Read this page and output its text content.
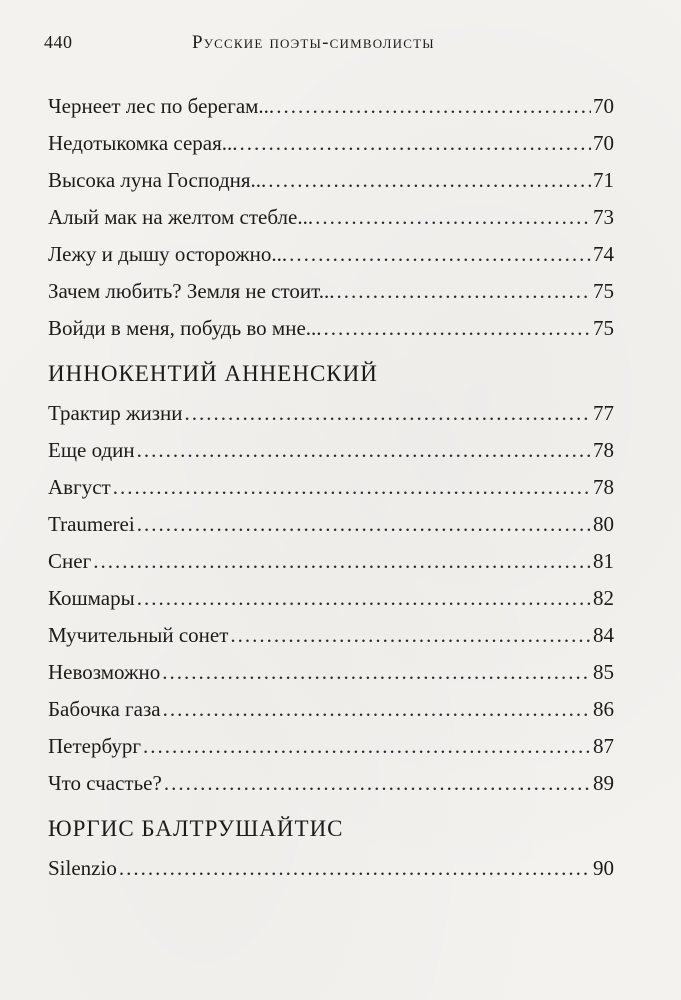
440	Русские поэты-символисты
Чернеет лес по берегам... .....	70
Недотыкомка серая... .....	70
Высока луна Господня... .....	71
Алый мак на желтом стебле... .....	73
Лежу и дышу осторожно... .....	74
Зачем любить? Земля не стоит... .....	75
Войди в меня, побудь во мне... .....	75
ИННОКЕНТИЙ АННЕНСКИЙ
Трактир жизни .....	77
Еще один .....	78
Август .....	78
Traumerei .....	80
Снег .....	81
Кошмары .....	82
Мучительный сонет .....	84
Невозможно .....	85
Бабочка газа .....	86
Петербург .....	87
Что счастье? .....	89
ЮРГИС БАЛТРУШАЙТИС
Silenzio .....	90
